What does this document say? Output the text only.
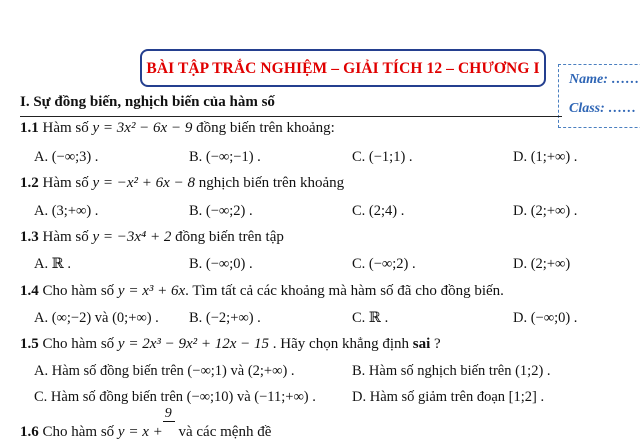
BÀI TẬP TRẮC NGHIỆM – GIẢI TÍCH 12 – CHƯƠNG I
Name: ……
Class: ……
I. Sự đồng biến, nghịch biến của hàm số
1.1 Hàm số y = 3x² − 6x − 9 đồng biến trên khoảng:
A. (−∞;3) .	B. (−∞;−1) .	C. (−1;1) .	D. (1;+∞) .
1.2 Hàm số y = −x² + 6x − 8 nghịch biến trên khoảng
A. (3;+∞) .	B. (−∞;2) .	C. (2;4) .	D. (2;+∞) .
1.3 Hàm số y = −3x⁴ + 2 đồng biến trên tập
A. ℝ .	B. (−∞;0) .	C. (−∞;2) .	D. (2;+∞)
1.4 Cho hàm số y = x³ + 6x. Tìm tất cả các khoảng mà hàm số đã cho đồng biến.
A. (∞;−2) và (0;+∞) . B. (−2;+∞) .	C. ℝ .	D. (−∞;0) .
1.5 Cho hàm số y = 2x³ − 9x² + 12x − 15 . Hãy chọn khẳng định sai ?
A. Hàm số đồng biến trên (−∞;1) và (2;+∞) .	B. Hàm số nghịch biến trên (1;2) .
C. Hàm số đồng biến trên (−∞;10) và (−11;+∞) . D. Hàm số giảm trên đoạn [1;2] .
1.6 Cho hàm số y = x +
9
và các mệnh đề
